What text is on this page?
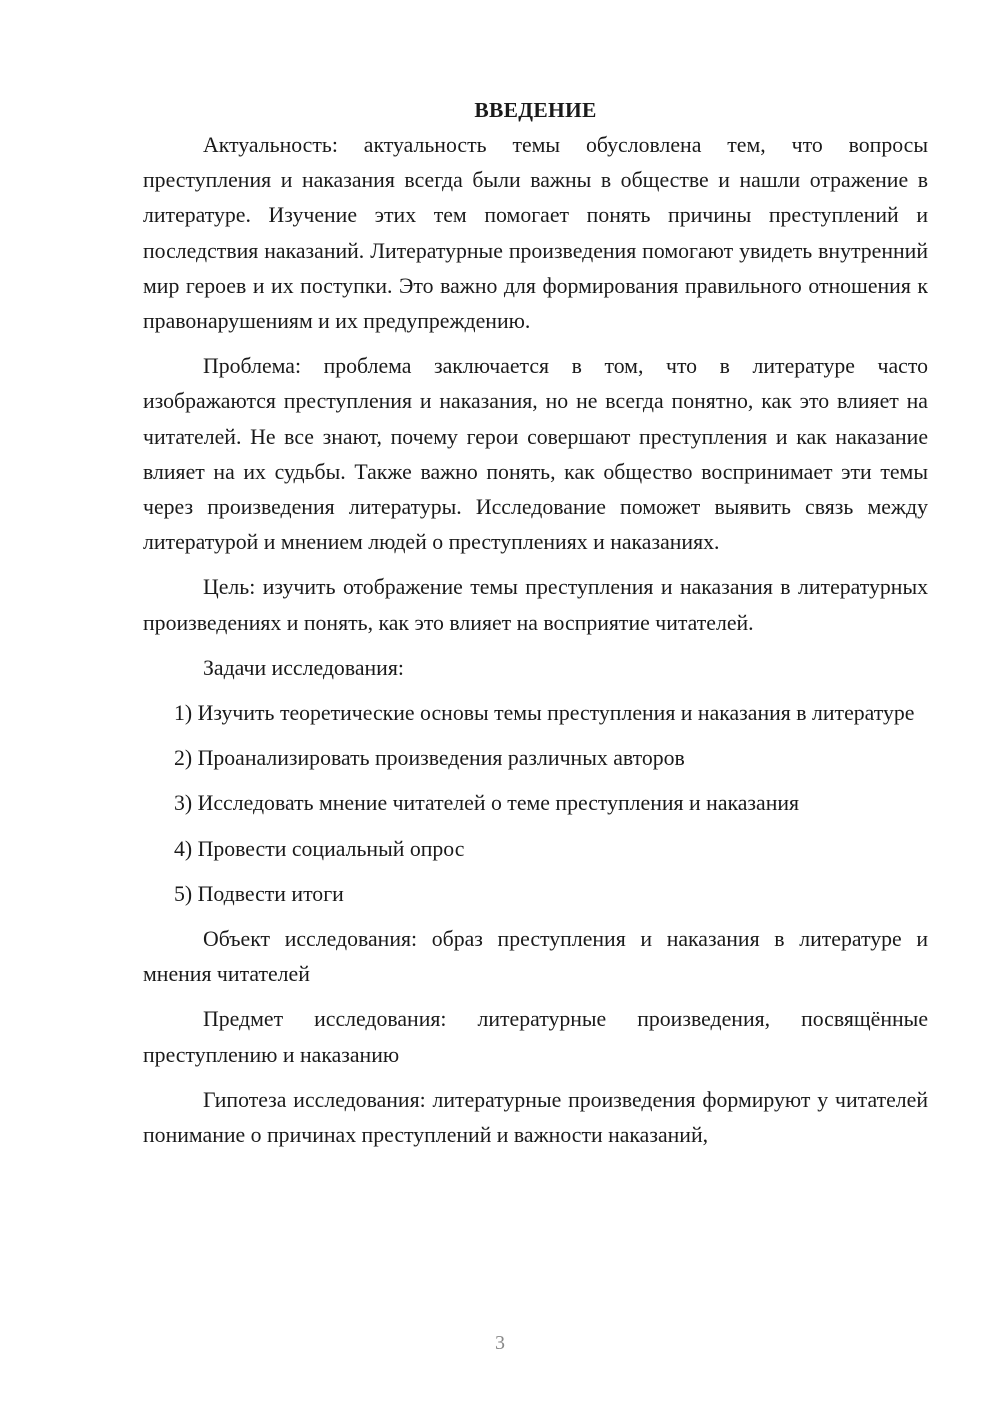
ВВЕДЕНИЕ

Актуальность: актуальность темы обусловлена тем, что вопросы преступления и наказания всегда были важны в обществе и нашли отражение в литературе. Изучение этих тем помогает понять причины преступлений и последствия наказаний. Литературные произведения помогают увидеть внутренний мир героев и их поступки. Это важно для формирования правильного отношения к правонарушениям и их предупреждению.

Проблема: проблема заключается в том, что в литературе часто изображаются преступления и наказания, но не всегда понятно, как это влияет на читателей. Не все знают, почему герои совершают преступления и как наказание влияет на их судьбы. Также важно понять, как общество воспринимает эти темы через произведения литературы. Исследование поможет выявить связь между литературой и мнением людей о преступлениях и наказаниях.

Цель: изучить отображение темы преступления и наказания в литературных произведениях и понять, как это влияет на восприятие читателей.

Задачи исследования:

1) Изучить теоретические основы темы преступления и наказания в литературе

2) Проанализировать произведения различных авторов

3) Исследовать мнение читателей о теме преступления и наказания

4) Провести социальный опрос

5) Подвести итоги

Объект исследования: образ преступления и наказания в литературе и мнения читателей

Предмет исследования: литературные произведения, посвящённые преступлению и наказанию

Гипотеза исследования: литературные произведения формируют у читателей понимание о причинах преступлений и важности наказаний,

3
